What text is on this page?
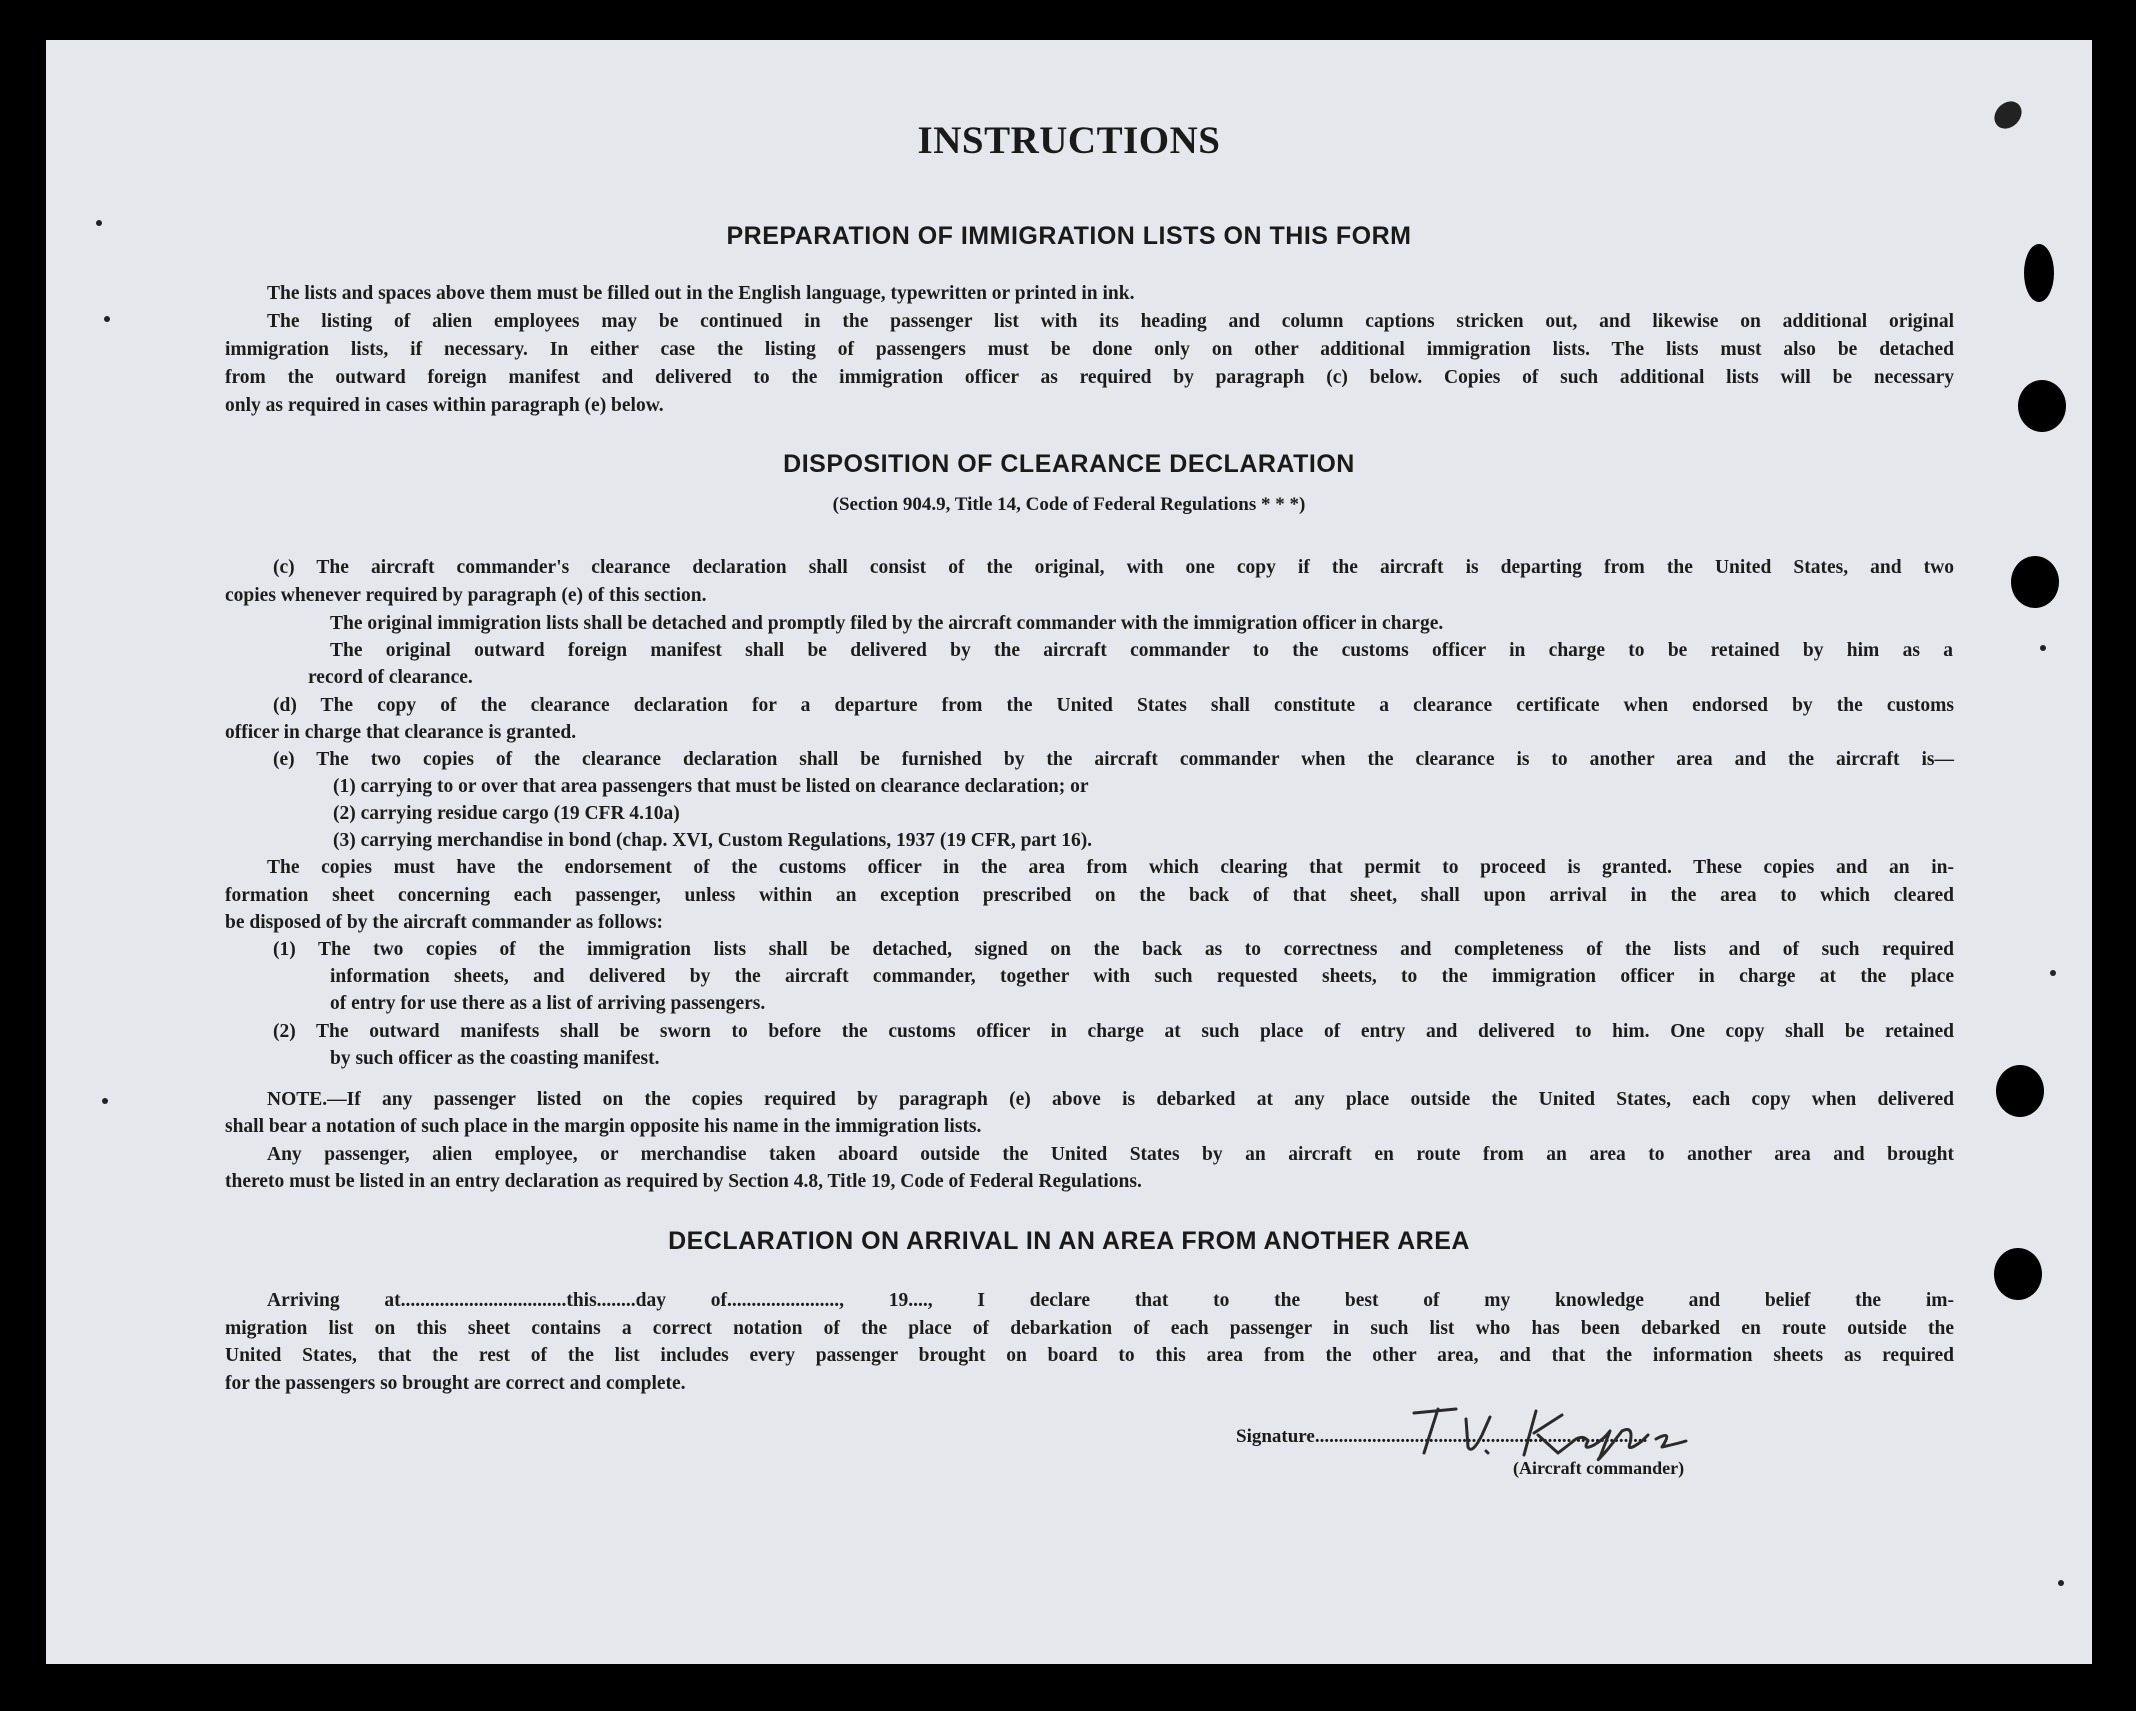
INSTRUCTIONS
PREPARATION OF IMMIGRATION LISTS ON THIS FORM

The lists and spaces above them must be filled out in the English language, typewritten or printed in ink.

The listing of alien employees may be continued in the passenger list with its heading and column captions stricken out, and likewise on additional original

immigration lists, if necessary. In either case the listing of passengers must be done only on other additional immigration lists. The lists must also be detached

from the outward foreign manifest and delivered to the immigration officer as required by paragraph (c) below. Copies of such additional lists will be necessary

only as required in cases within paragraph (e) below.

DISPOSITION OF CLEARANCE DECLARATION

(Section 904.9, Title 14, Code of Federal Regulations * * *)

(c) The aircraft commander's clearance declaration shall consist of the original, with one copy if the aircraft is departing from the United States, and two

copies whenever required by paragraph (e) of this section.

The original immigration lists shall be detached and promptly filed by the aircraft commander with the immigration officer in charge.

The original outward foreign manifest shall be delivered by the aircraft commander to the customs officer in charge to be retained by him as a

record of clearance.

(d) The copy of the clearance declaration for a departure from the United States shall constitute a clearance certificate when endorsed by the customs

officer in charge that clearance is granted.

(e) The two copies of the clearance declaration shall be furnished by the aircraft commander when the clearance is to another area and the aircraft is—

(1) carrying to or over that area passengers that must be listed on clearance declaration; or

(2) carrying residue cargo (19 CFR 4.10a)

(3) carrying merchandise in bond (chap. XVI, Custom Regulations, 1937 (19 CFR, part 16).

The copies must have the endorsement of the customs officer in the area from which clearing that permit to proceed is granted. These copies and an in-

formation sheet concerning each passenger, unless within an exception prescribed on the back of that sheet, shall upon arrival in the area to which cleared

be disposed of by the aircraft commander as follows:

(1) The two copies of the immigration lists shall be detached, signed on the back as to correctness and completeness of the lists and of such required

information sheets, and delivered by the aircraft commander, together with such requested sheets, to the immigration officer in charge at the place

of entry for use there as a list of arriving passengers.

(2) The outward manifests shall be sworn to before the customs officer in charge at such place of entry and delivered to him. One copy shall be retained

by such officer as the coasting manifest.

NOTE.—If any passenger listed on the copies required by paragraph (e) above is debarked at any place outside the United States, each copy when delivered

shall bear a notation of such place in the margin opposite his name in the immigration lists.

Any passenger, alien employee, or merchandise taken aboard outside the United States by an aircraft en route from an area to another area and brought

thereto must be listed in an entry declaration as required by Section 4.8, Title 19, Code of Federal Regulations.

DECLARATION ON ARRIVAL IN AN AREA FROM ANOTHER AREA

Arriving at..................................this........day of......................., 19...., I declare that to the best of my knowledge and belief the im-

migration list on this sheet contains a correct notation of the place of debarkation of each passenger in such list who has been debarked en route outside the

United States, that the rest of the list includes every passenger brought on board to this area from the other area, and that the information sheets as required

for the passengers so brought are correct and complete.

Signature......................................................................
(Aircraft commander)
